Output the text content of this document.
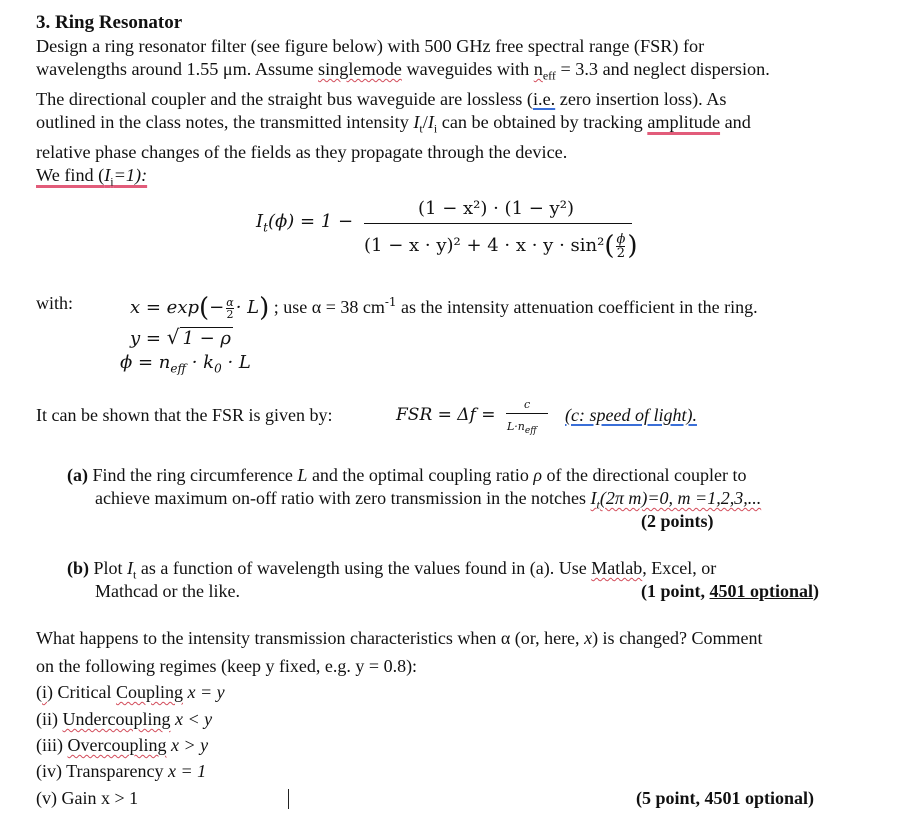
3. Ring Resonator
Design a ring resonator filter (see figure below) with 500 GHz free spectral range (FSR) for
wavelengths around 1.55 μm. Assume singlemode waveguides with $n_{eff} = 3.3$ and neglect dispersion.
The directional coupler and the straight bus waveguide are lossless (i.e. zero insertion loss). As
outlined in the class notes, the transmitted intensity $I_t/I_i$ can be obtained by tracking amplitude and
relative phase changes of the fields as they propagate through the device.
We find $(I_i=1)$:
$I_t(\phi) = 1$ −
(1 − x²) · (1 − y²)
$(1 - x \cdot y)^2 + 4 \cdot x \cdot y \cdot \sin^2( \frac{\phi}{2}$ )
with:	$x = \exp(- \frac{\alpha}{2} \cdot L)$ ; use α = 38 $cm^{-1}$ as the intensity attenuation coefficient in the ring.
y = √ 1 − ρ
$\phi = n_{eff} \cdot k_0 \cdot L$
It can be shown that the FSR is given by:	FSR = Δf =
c
$L\cdot n_{eff}$
(c: speed of light).
(a) Find the ring circumference L and the optimal coupling ratio ρ of the directional coupler to
achieve maximum on-off ratio with zero transmission in the notches $I_t(2\pi$ m)=0, m =1,2,3,...
(2 points)
(b) Plot $I_t$ as a function of wavelength using the values found in (a). Use Matlab, Excel, or
Mathcad or the like.	(1 point, 4501 optional)
What happens to the intensity transmission characteristics when α (or, here, x) is changed? Comment
on the following regimes (keep y fixed, e.g. y = 0.8):
(i) Critical Coupling x = y
(ii) Undercoupling x < y
(iii) Overcoupling x > y
(iv) Transparency x = 1
(v) Gain x > 1	(5 point, 4501 optional)
